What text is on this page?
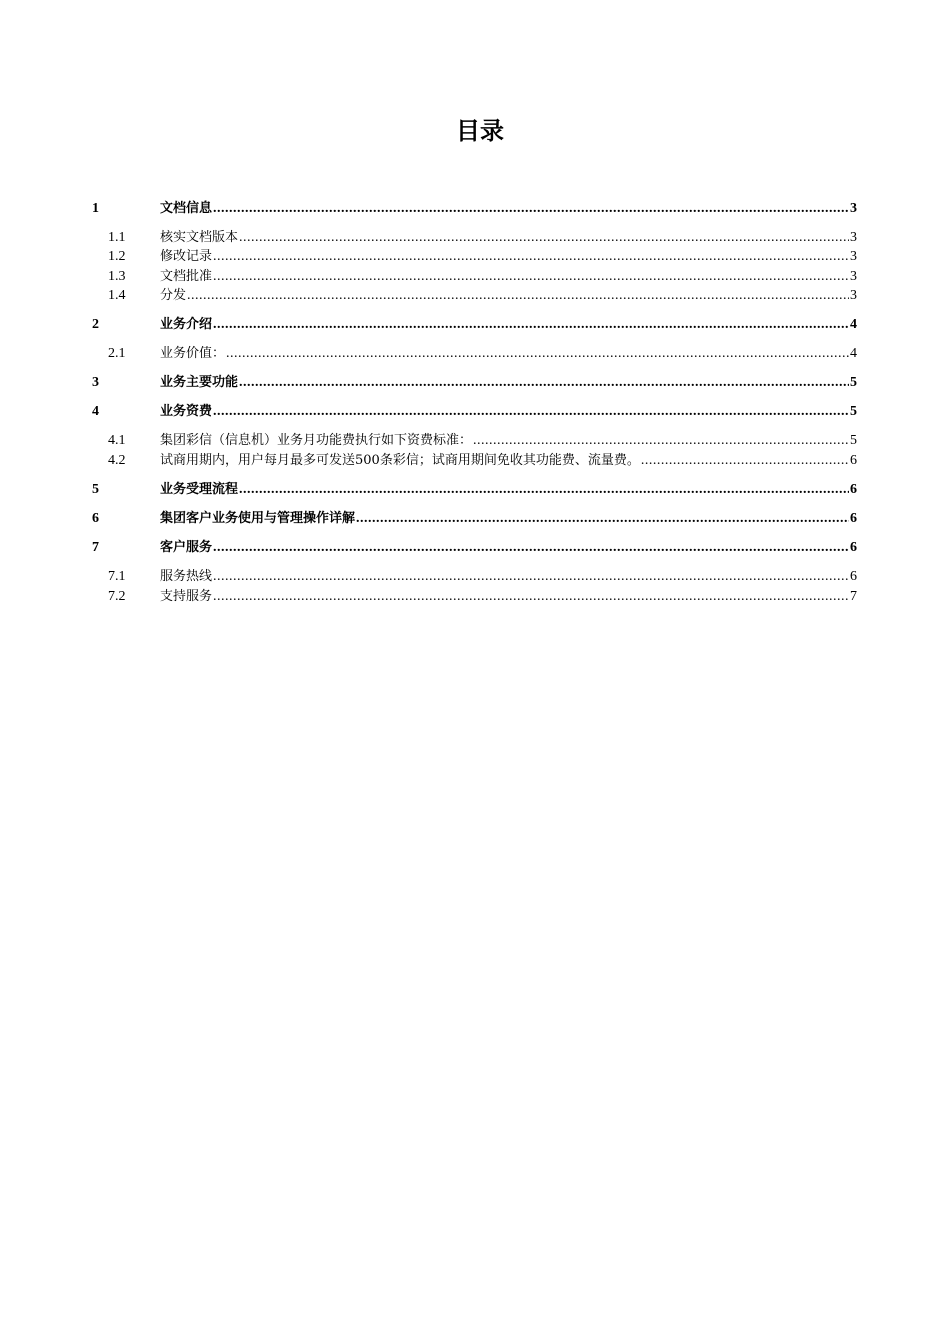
目录
1	文档信息 .....	3
1.1	核实文档版本 .....	3
1.2	修改记录 .....	3
1.3	文档批准 .....	3
1.4	分发 .....	3
2	业务介绍 .....	4
2.1	业务价值： .....	4
3	业务主要功能 .....	5
4	业务资费 .....	5
4.1	集团彩信（信息机）业务月功能费执行如下资费标准： .....	5
4.2	试商用期内，用户每月最多可发送500条彩信；试商用期间免收其功能费、流量费。 .....	6
5	业务受理流程 .....	6
6	集团客户业务使用与管理操作详解 .....	6
7	客户服务 .....	6
7.1	服务热线 .....	6
7.2	支持服务 .....	7
